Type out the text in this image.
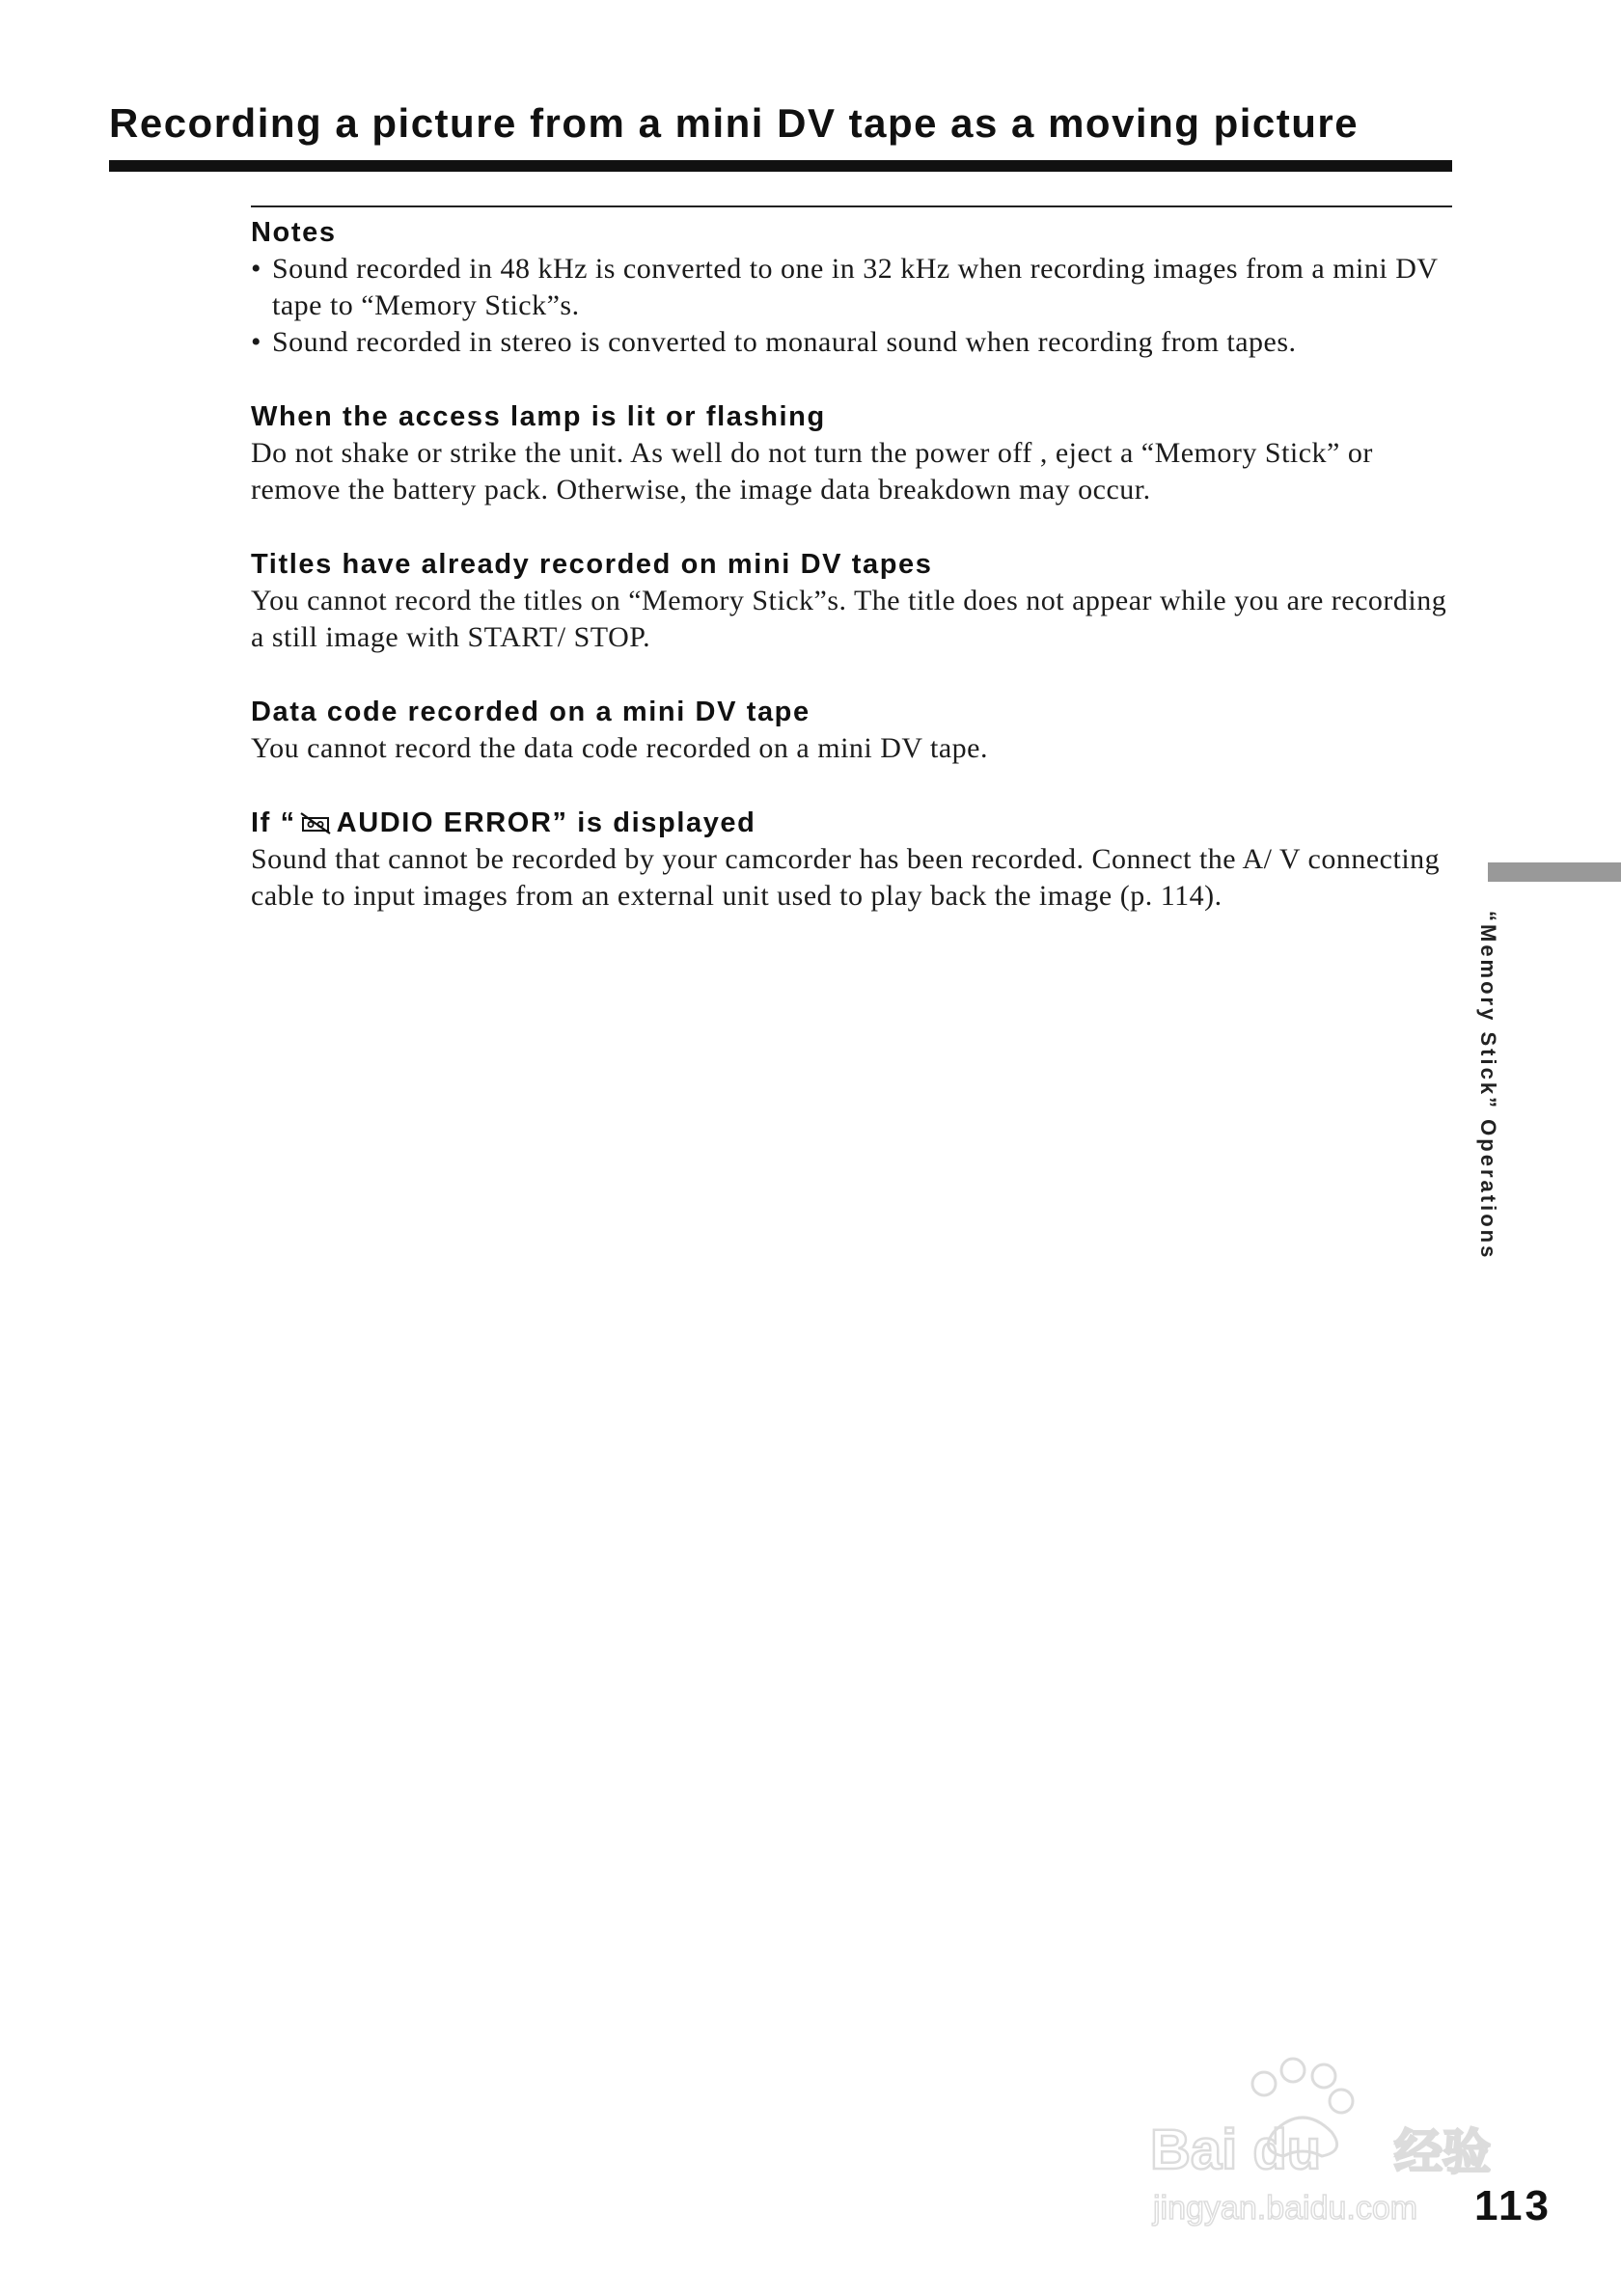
Recording a picture from a mini DV tape as a moving picture
Notes
• Sound recorded in 48 kHz is converted to one in 32 kHz when recording images from a mini DV tape to “Memory Stick”s.
• Sound recorded in stereo is converted to monaural sound when recording from tapes.
When the access lamp is lit or flashing

Do not shake or strike the unit. As well do not turn the power off , eject a “Memory Stick” or remove the battery pack. Otherwise, the image data breakdown may occur.

Titles have already recorded on mini DV tapes

You cannot record the titles on “Memory Stick”s. The title does not appear while you are recording a still image with START/ STOP.

Data code recorded on a mini DV tape

You cannot record the data code recorded on a mini DV tape.

If “ AUDIO ERROR” is displayed

Sound that cannot be recorded by your camcorder has been recorded. Connect the A/ V connecting cable to input images from an external unit used to play back the image (p. 114).

“Memory Stick” Operations
Bai du 经验
jingyan.baidu.com 113
